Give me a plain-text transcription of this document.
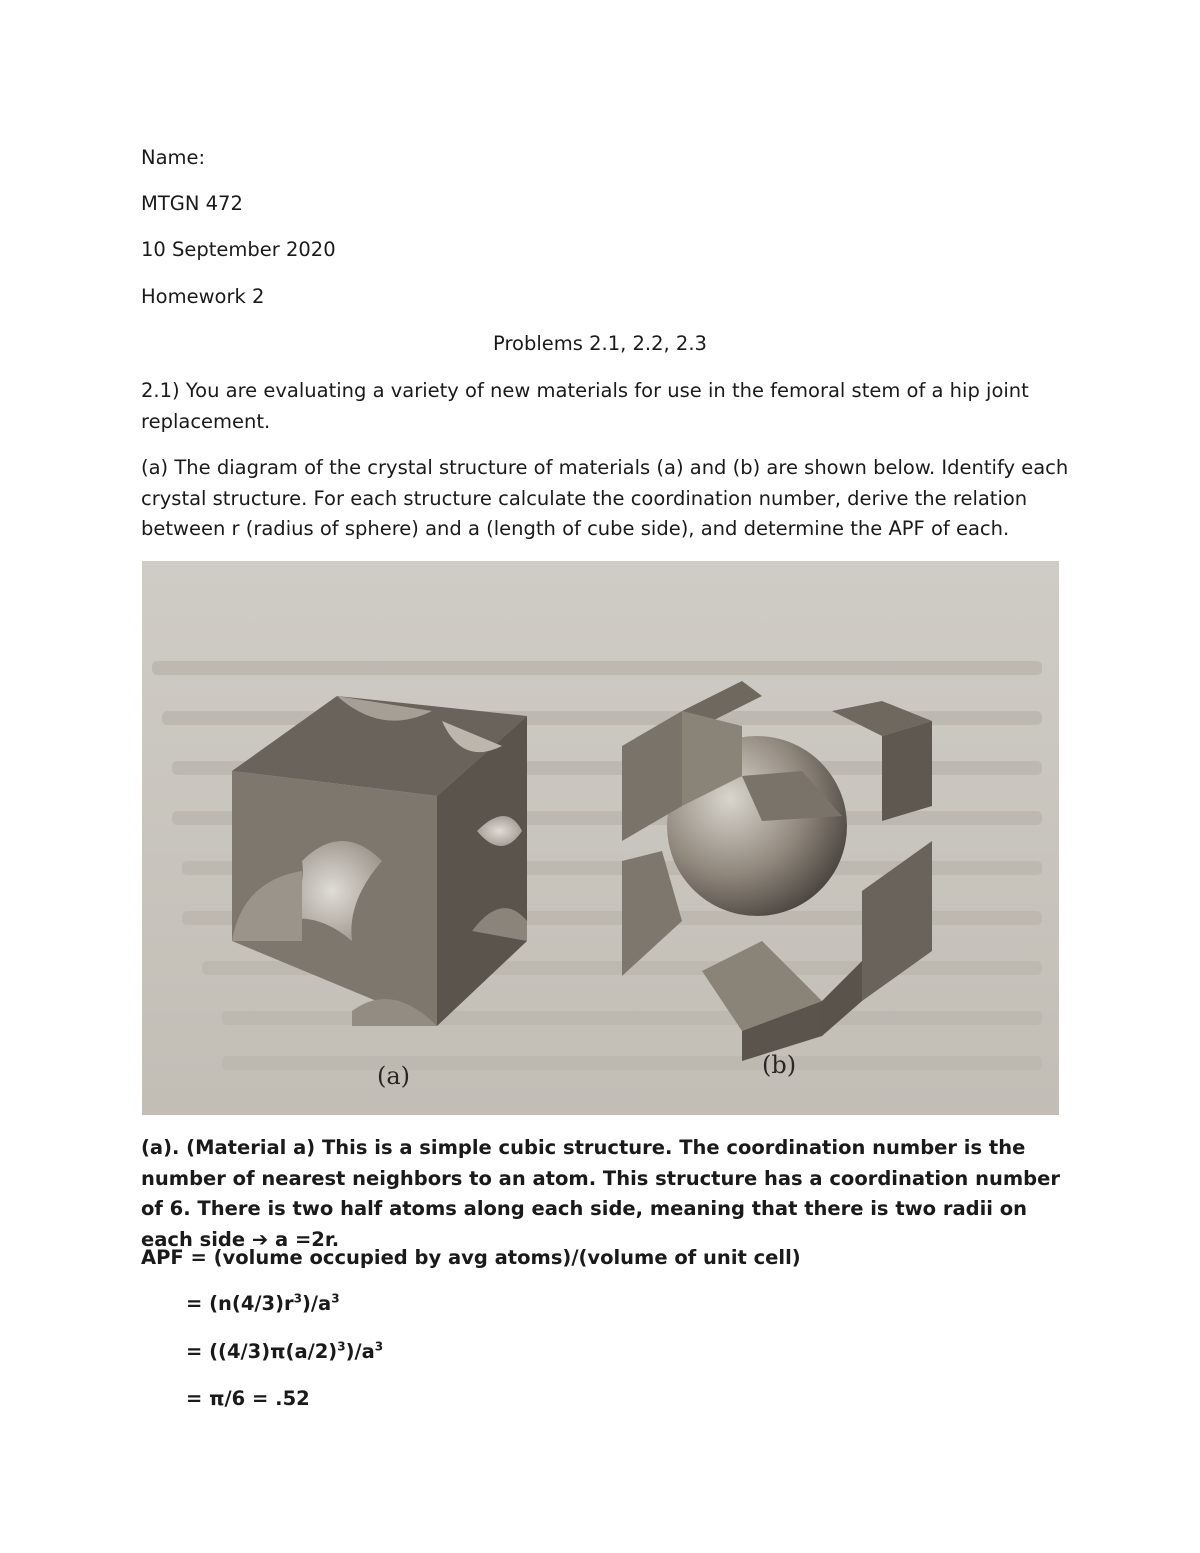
Name:
MTGN 472
10 September 2020
Homework 2
Problems 2.1, 2.2, 2.3
2.1) You are evaluating a variety of new materials for use in the femoral stem of a hip joint replacement.
(a) The diagram of the crystal structure of materials (a) and (b) are shown below. Identify each crystal structure. For each structure calculate the coordination number, derive the relation between r (radius of sphere) and a (length of cube side), and determine the APF of each.
(a)	(b)
(a). (Material a) This is a simple cubic structure. The coordination number is the number of nearest neighbors to an atom. This structure has a coordination number of 6. There is two half atoms along each side, meaning that there is two radii on each side ➔ a =2r.
APF = (volume occupied by avg atoms)/(volume of unit cell)
= $(n(4/3)r^3)/a^3$
= $((4/3)\pi(a/2)^3)/a^3$
= π/6 = .52
